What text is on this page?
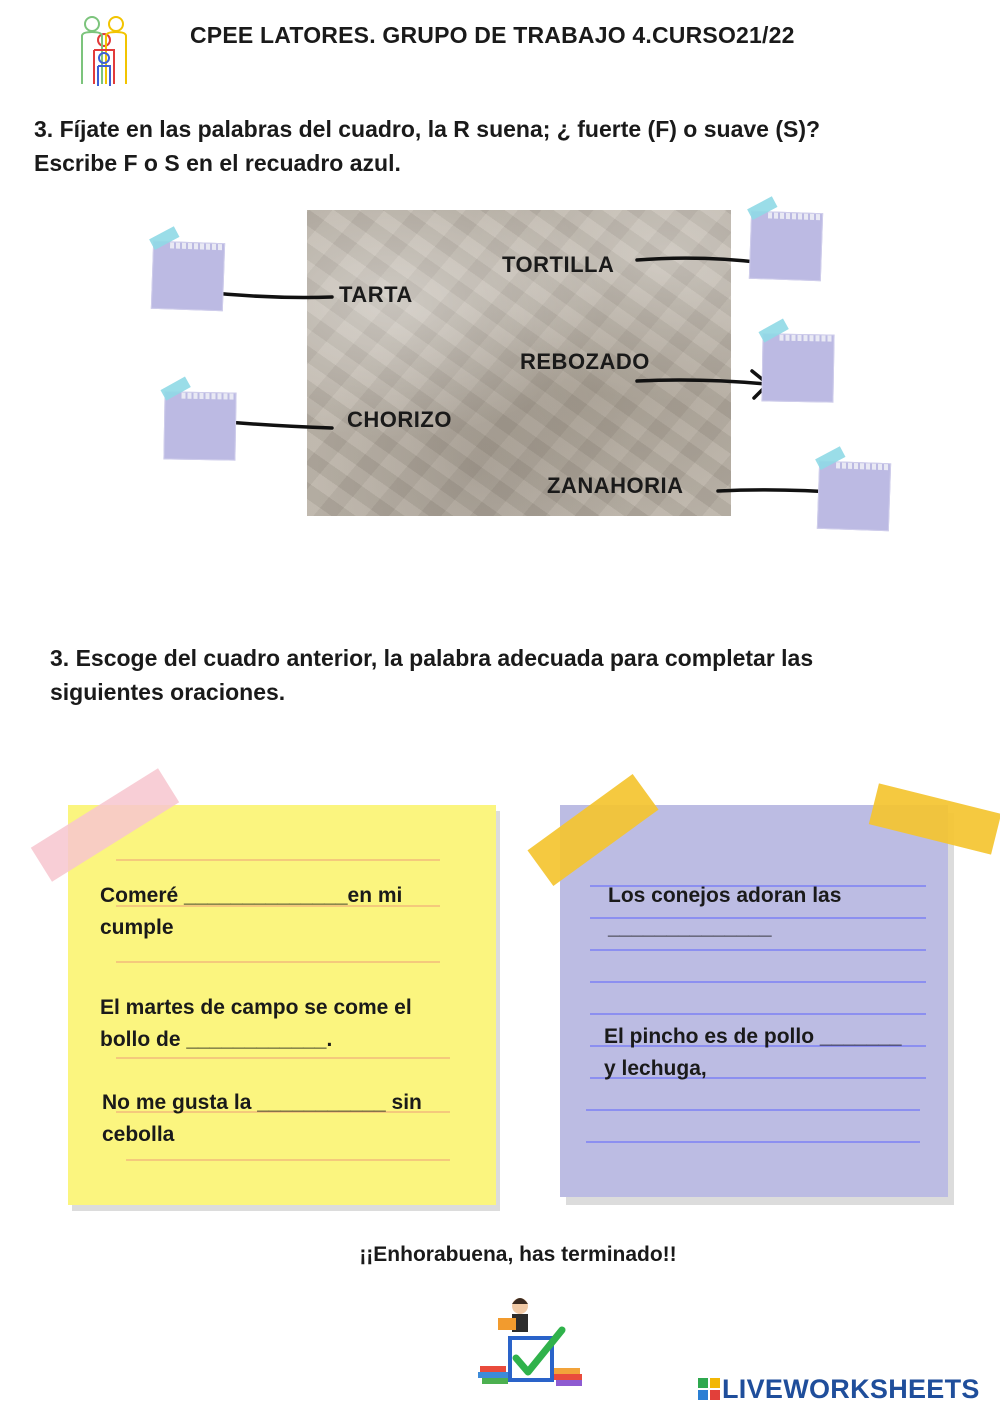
CPEE LATORES. GRUPO DE TRABAJO 4.CURSO21/22
3. Fíjate en las palabras del cuadro, la R suena; ¿ fuerte (F) o suave (S)?
Escribe F o S en el recuadro azul.
TORTILLA
TARTA
REBOZADO
CHORIZO
ZANAHORIA
3. Escoge del cuadro anterior, la palabra adecuada para completar las
siguientes oraciones.
Comeré ______________en mi
cumple
El martes de campo se come el
bollo de ____________.
No me gusta la ___________ sin
cebolla
Los conejos adoran las
______________
El pincho es de pollo _______
y lechuga,
¡¡Enhorabuena, has terminado!!
LIVEWORKSHEETS
